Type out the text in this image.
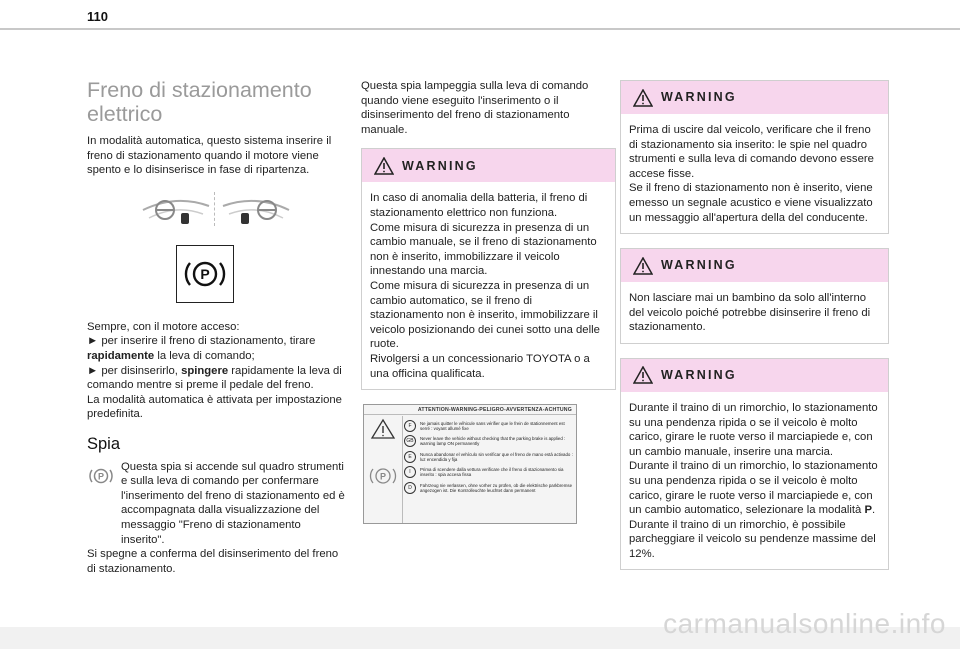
110
Freno di stazionamento
elettrico

In modalità automatica, questo sistema inserire il freno di stazionamento quando il motore viene spento e lo disinserisce in fase di ripartenza.

P

Sempre, con il motore acceso:

► per inserire il freno di stazionamento, tirare rapidamente la leva di comando;

► per disinserirlo, spingere rapidamente la leva di comando mentre si preme il pedale del freno.

La modalità automatica è attivata per impostazione predefinita.

Spia
P

Questa spia si accende sul quadro strumenti e sulla leva di comando per confermare l'inserimento del freno di stazionamento ed è accompagnata dalla visualizzazione del messaggio "Freno di stazionamento inserito".

Si spegne a conferma del disinserimento del freno di stazionamento.

Questa spia lampeggia sulla leva di comando quando viene eseguito l'inserimento o il disinserimento del freno di stazionamento manuale.

WARNING

In caso di anomalia della batteria, il freno di stazionamento elettrico non funziona.

Come misura di sicurezza in presenza di un cambio manuale, se il freno di stazionamento non è inserito, immobilizzare il veicolo innestando una marcia.

Come misura di sicurezza in presenza di un cambio automatico, se il freno di stazionamento non è inserito, immobilizzare il veicolo posizionando dei cunei sotto una delle ruote.

Rivolgersi a un concessionario TOYOTA o a una officina qualificata.

ATTENTION-WARNING-PELIGRO-AVVERTENZA-ACHTUNG
P
F	Ne jamais quitter le véhicule sans vérifier que le frein de stationnement est serré : voyant allumé fixe
GB	Never leave the vehicle without checking that the parking brake is applied : warning lamp ON permanently
E	Nunca abandonar el vehículo sin verificar que el freno de mano está activado : luz encendida y fija
I	Prima di scendere dalla vettura verificare che il freno di stazionamento sia inserito : spia accesa fissa
D	Fahrzeug nie verlassen, ohne vorher zu prüfen, ob die elektrische parkbremse angezogen ist. Die Kontrolleuchte leuchtet dann permanent
WARNING

Prima di uscire dal veicolo, verificare che il freno di stazionamento sia inserito: le spie nel quadro strumenti e sulla leva di comando devono essere accese fisse.

Se il freno di stazionamento non è inserito, viene emesso un segnale acustico e viene visualizzato un messaggio all'apertura della del conducente.

WARNING

Non lasciare mai un bambino da solo all'interno del veicolo poiché potrebbe disinserire il freno di stazionamento.

WARNING

Durante il traino di un rimorchio, lo stazionamento su una pendenza ripida o se il veicolo è molto carico, girare le ruote verso il marciapiede e, con un cambio manuale, inserire una marcia.

Durante il traino di un rimorchio, lo stazionamento su una pendenza ripida o se il veicolo è molto carico, girare le ruote verso il marciapiede e, con un cambio automatico, selezionare la modalità P.

Durante il traino di un rimorchio, è possibile parcheggiare il veicolo su pendenze massime del 12%.

carmanualsonline.info
